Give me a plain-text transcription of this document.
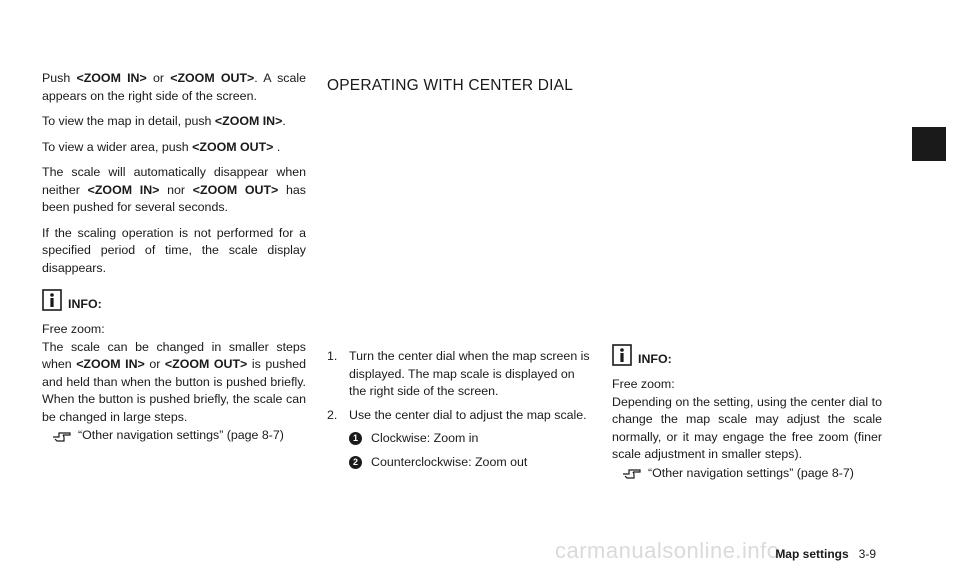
Push <ZOOM IN> or <ZOOM OUT>. A scale appears on the right side of the screen.

To view the map in detail, push <ZOOM IN>.

To view a wider area, push <ZOOM OUT> .

The scale will automatically disappear when neither <ZOOM IN> nor <ZOOM OUT> has been pushed for several seconds.

If the scaling operation is not performed for a specified period of time, the scale display disappears.

INFO:

Free zoom:

The scale can be changed in smaller steps when <ZOOM IN> or <ZOOM OUT> is pushed and held than when the button is pushed briefly. When the button is pushed briefly, the scale can be changed in large steps.

“Other navigation settings” (page 8-7)
OPERATING WITH CENTER DIAL
1. Turn the center dial when the map screen is displayed. The map scale is displayed on the right side of the screen.
2. Use the center dial to adjust the map scale.
1	Clockwise: Zoom in
2	Counterclockwise: Zoom out
INFO:

Free zoom:

Depending on the setting, using the center dial to change the map scale may adjust the scale normally, or it may engage the free zoom (finer scale adjustment in smaller steps).

“Other navigation settings” (page 8-7)
carmanualsonline.info
Map settings 3-9
